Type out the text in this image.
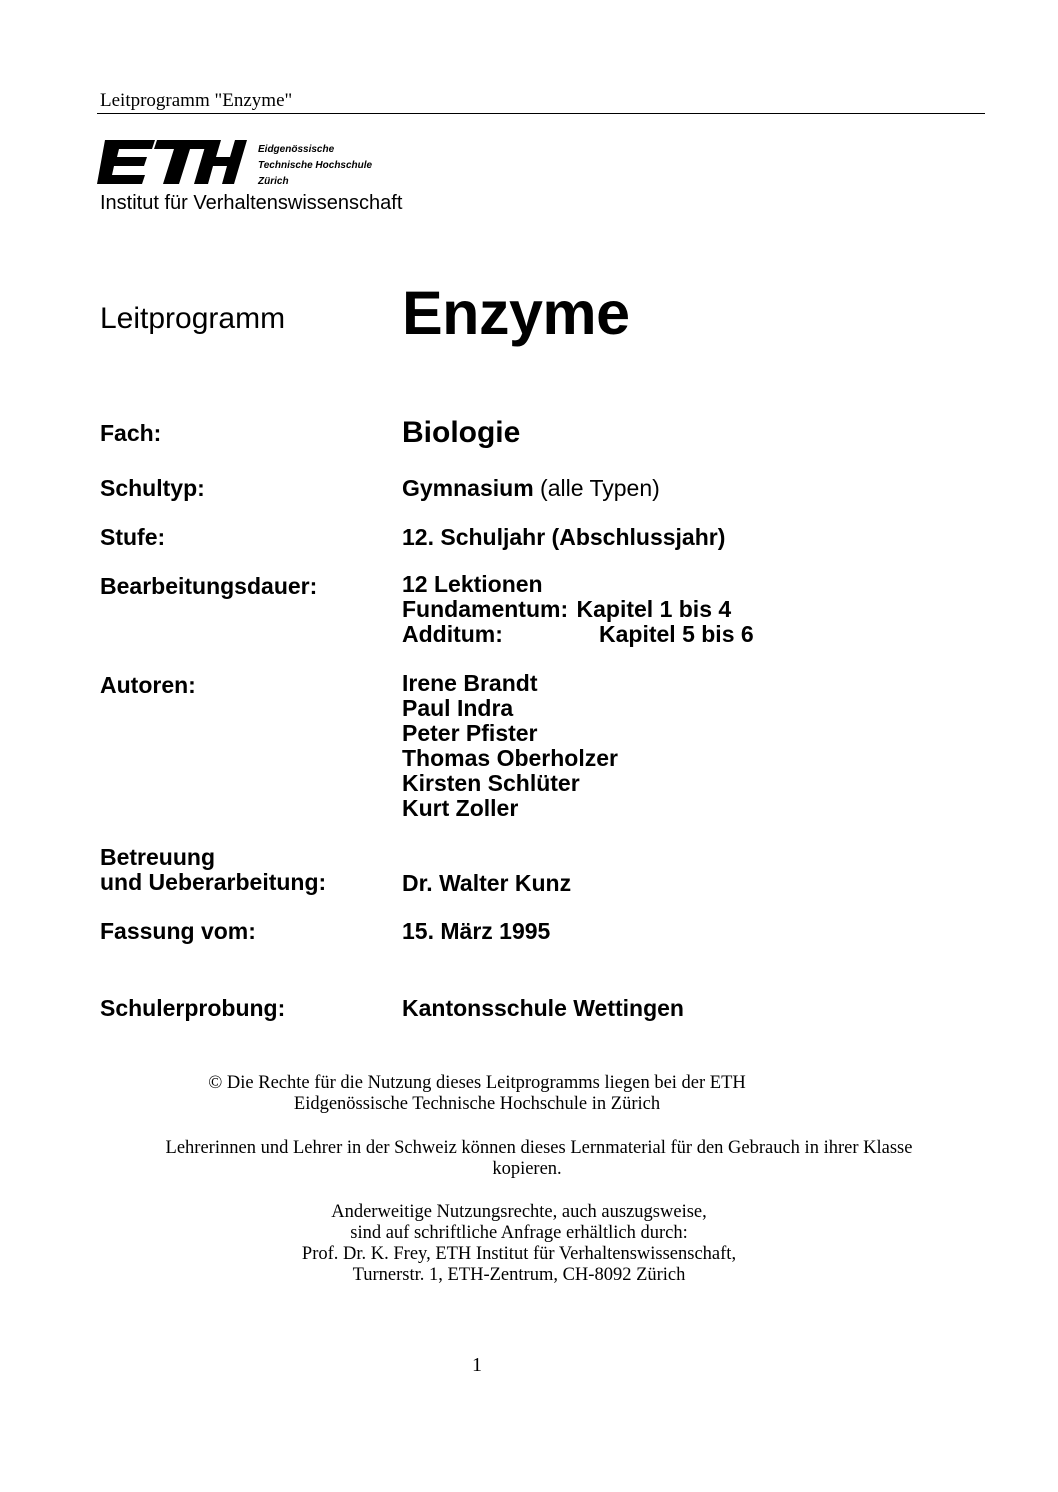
Leitprogramm "Enzyme"
Eidgenössische
Technische Hochschule
Zürich
Institut für Verhaltenswissenschaft
Leitprogramm Enzyme
Fach:	Biologie
Schultyp:	Gymnasium (alle Typen)
Stufe:	12. Schuljahr (Abschlussjahr)
Bearbeitungsdauer:	12 Lektionen
Fundamentum: Kapitel 1 bis 4
Additum:	Kapitel 5 bis 6
Autoren:	Irene Brandt
Paul Indra
Peter Pfister
Thomas Oberholzer
Kirsten Schlüter
Kurt Zoller
Betreuung
und Ueberarbeitung:	Dr. Walter Kunz
Fassung vom:	15. März 1995
Schulerprobung:	Kantonsschule Wettingen
© Die Rechte für die Nutzung dieses Leitprogramms liegen bei der ETH
Eidgenössische Technische Hochschule in Zürich
Lehrerinnen und Lehrer in der Schweiz können dieses Lernmaterial für den Gebrauch in ihrer Klasse
kopieren.
Anderweitige Nutzungsrechte, auch auszugsweise,
sind auf schriftliche Anfrage erhältlich durch:
Prof. Dr. K. Frey, ETH Institut für Verhaltenswissenschaft,
Turnerstr. 1, ETH-Zentrum, CH-8092 Zürich
1
